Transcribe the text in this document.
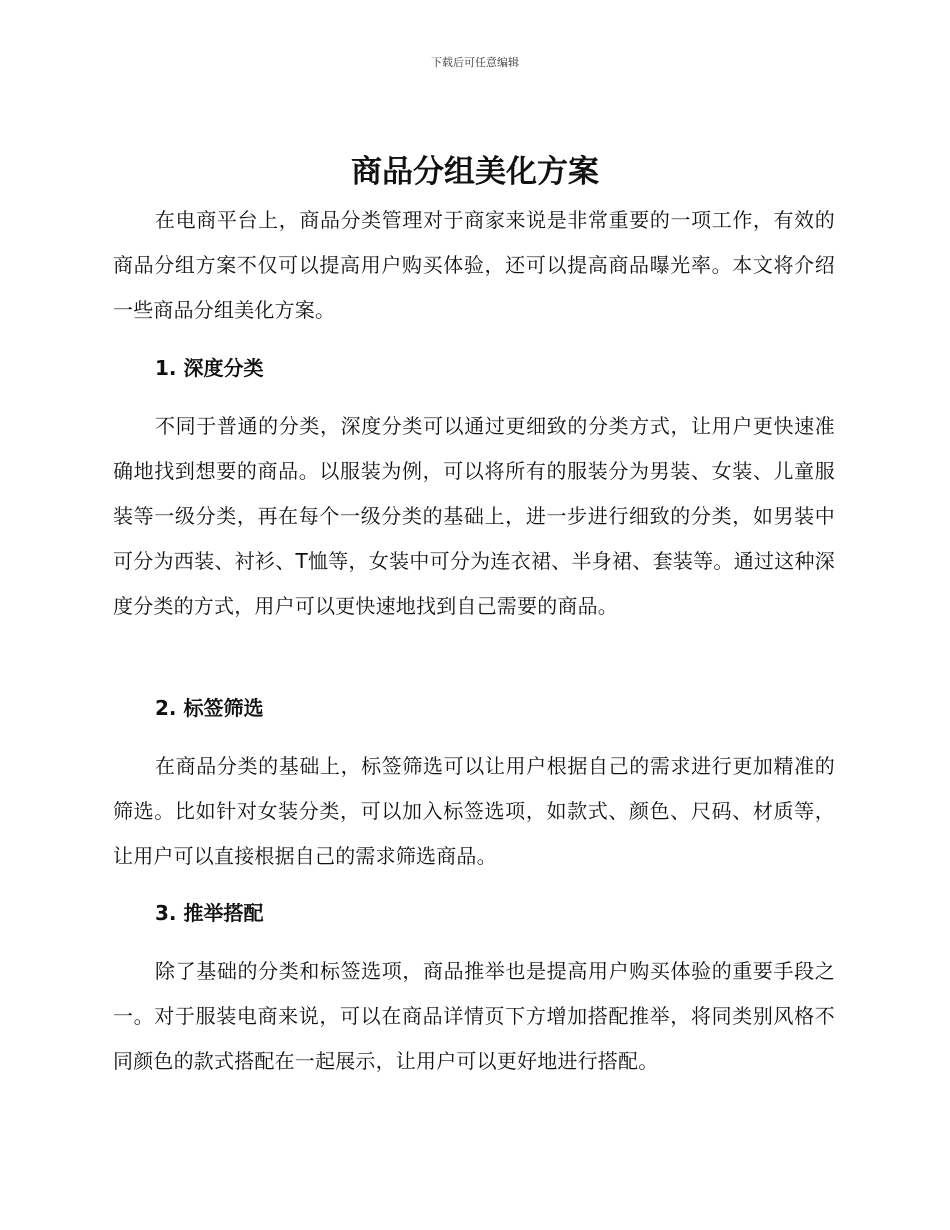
下载后可任意编辑
商品分组美化方案

在电商平台上，商品分类管理对于商家来说是非常重要的一项工作，有效的商品分组方案不仅可以提高用户购买体验，还可以提高商品曝光率。本文将介绍一些商品分组美化方案。

1. 深度分类

不同于普通的分类，深度分类可以通过更细致的分类方式，让用户更快速准确地找到想要的商品。以服装为例，可以将所有的服装分为男装、女装、儿童服装等一级分类，再在每个一级分类的基础上，进一步进行细致的分类，如男装中可分为西装、衬衫、T恤等，女装中可分为连衣裙、半身裙、套装等。通过这种深度分类的方式，用户可以更快速地找到自己需要的商品。

2. 标签筛选

在商品分类的基础上，标签筛选可以让用户根据自己的需求进行更加精准的筛选。比如针对女装分类，可以加入标签选项，如款式、颜色、尺码、材质等，让用户可以直接根据自己的需求筛选商品。

3. 推举搭配

除了基础的分类和标签选项，商品推举也是提高用户购买体验的重要手段之一。对于服装电商来说，可以在商品详情页下方增加搭配推举，将同类别风格不同颜色的款式搭配在一起展示，让用户可以更好地进行搭配。
